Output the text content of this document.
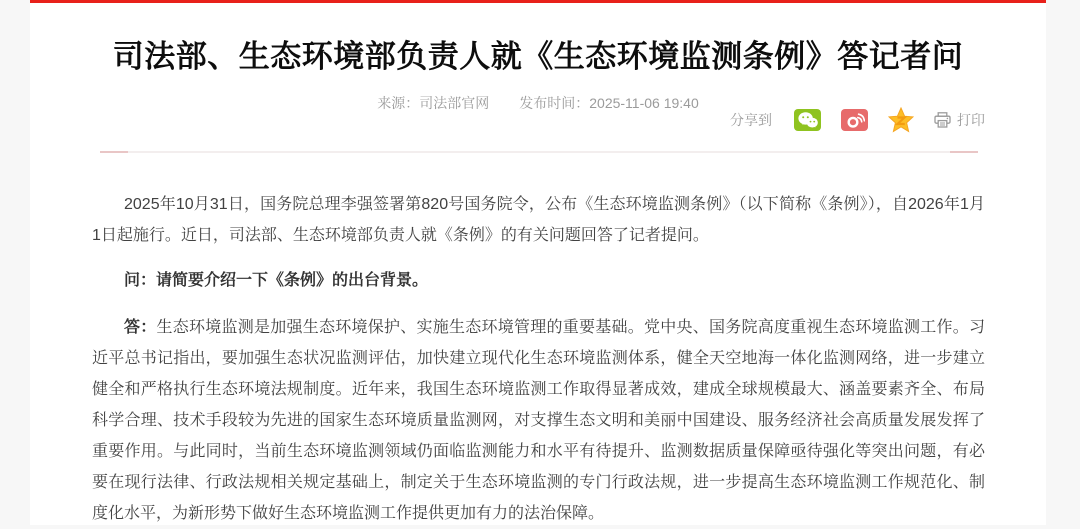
司法部、生态环境部负责人就《生态环境监测条例》答记者问
来源：司法部官网 发布时间：2025-11-06 19:40
分享到	打印

2025年10月31日，国务院总理李强签署第820号国务院令，公布《生态环境监测条例》（以下简称《条例》），自2026年1月1日起施行。近日，司法部、生态环境部负责人就《条例》的有关问题回答了记者提问。

问：请简要介绍一下《条例》的出台背景。

答：生态环境监测是加强生态环境保护、实施生态环境管理的重要基础。党中央、国务院高度重视生态环境监测工作。习近平总书记指出，要加强生态状况监测评估，加快建立现代化生态环境监测体系，健全天空地海一体化监测网络，进一步建立健全和严格执行生态环境法规制度。近年来，我国生态环境监测工作取得显著成效，建成全球规模最大、涵盖要素齐全、布局科学合理、技术手段较为先进的国家生态环境质量监测网，对支撑生态文明和美丽中国建设、服务经济社会高质量发展发挥了重要作用。与此同时，当前生态环境监测领域仍面临监测能力和水平有待提升、监测数据质量保障亟待强化等突出问题，有必要在现行法律、行政法规相关规定基础上，制定关于生态环境监测的专门行政法规，进一步提高生态环境监测工作规范化、制度化水平，为新形势下做好生态环境监测工作提供更加有力的法治保障。
